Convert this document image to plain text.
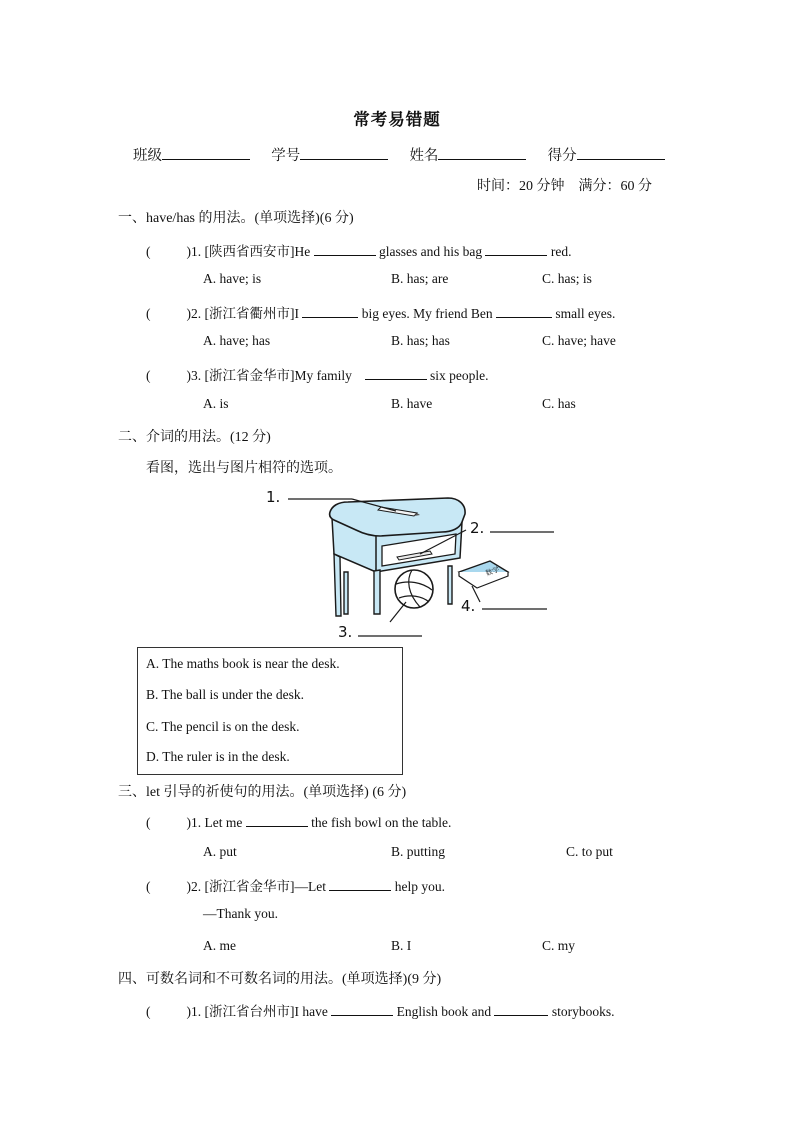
常考易错题
班级	学号	姓名	得分
时间：20 分钟　满分：60 分
一、have/has 的用法。(单项选择)(6 分)
(	)1. [陕西省西安市]He	glasses and his bag	red.
A. have; is	B. has; are	C. has; is
(	)2. [浙江省衢州市]I	big eyes. My friend Ben	small eyes.
A. have; has	B. has; has	C. have; have
(	)3. [浙江省金华市]My family	six people.
A. is	B. have	C. has
二、介词的用法。(12 分)
看图，选出与图片相符的选项。
数学
1.
2.
3.
4.
A. The maths book is near the desk.
B. The ball is under the desk.
C. The pencil is on the desk.
D. The ruler is in the desk.
三、let 引导的祈使句的用法。(单项选择) (6 分)
(	)1. Let me	the fish bowl on the table.
A. put	B. putting	C. to put
(	)2. [浙江省金华市]—Let	help you.
—Thank you.
A. me	B. I	C. my
四、可数名词和不可数名词的用法。(单项选择)(9 分)
(	)1. [浙江省台州市]I have	English book and	storybooks.
